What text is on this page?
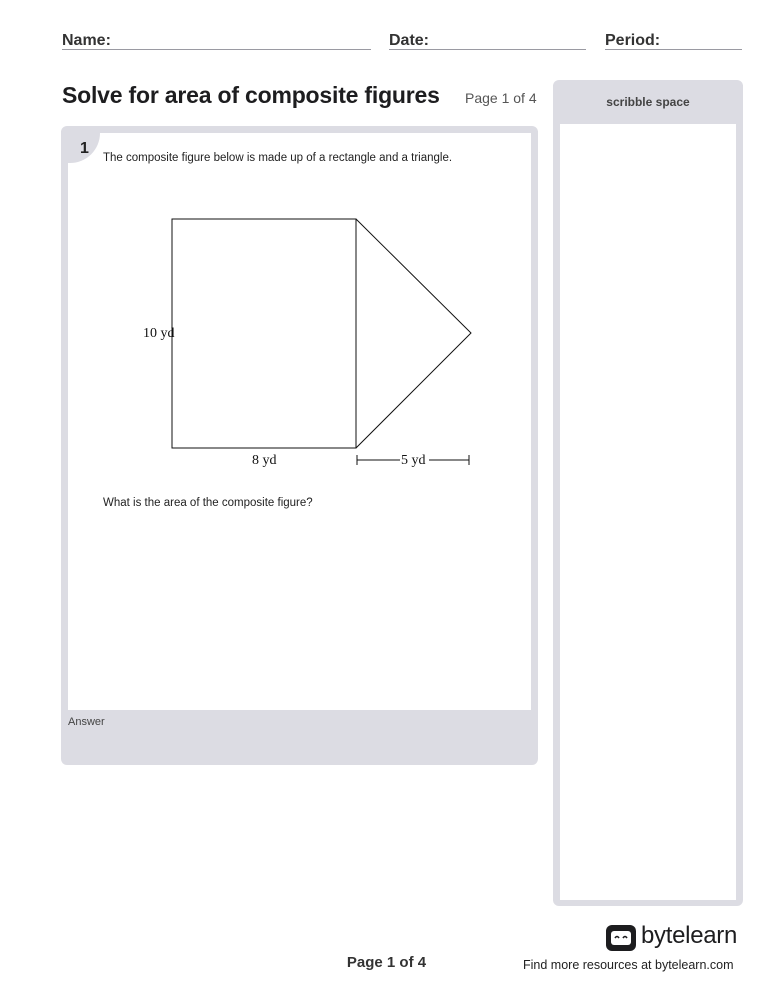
Name:	Date:	Period:
Solve for area of composite figures Page 1 of 4	scribble space
1
The composite figure below is made up of a rectangle and a triangle.
10 yd
8 yd	5 yd
What is the area of the composite figure?
Answer
Page 1 of 4
bytelearn
Find more resources at bytelearn.com
